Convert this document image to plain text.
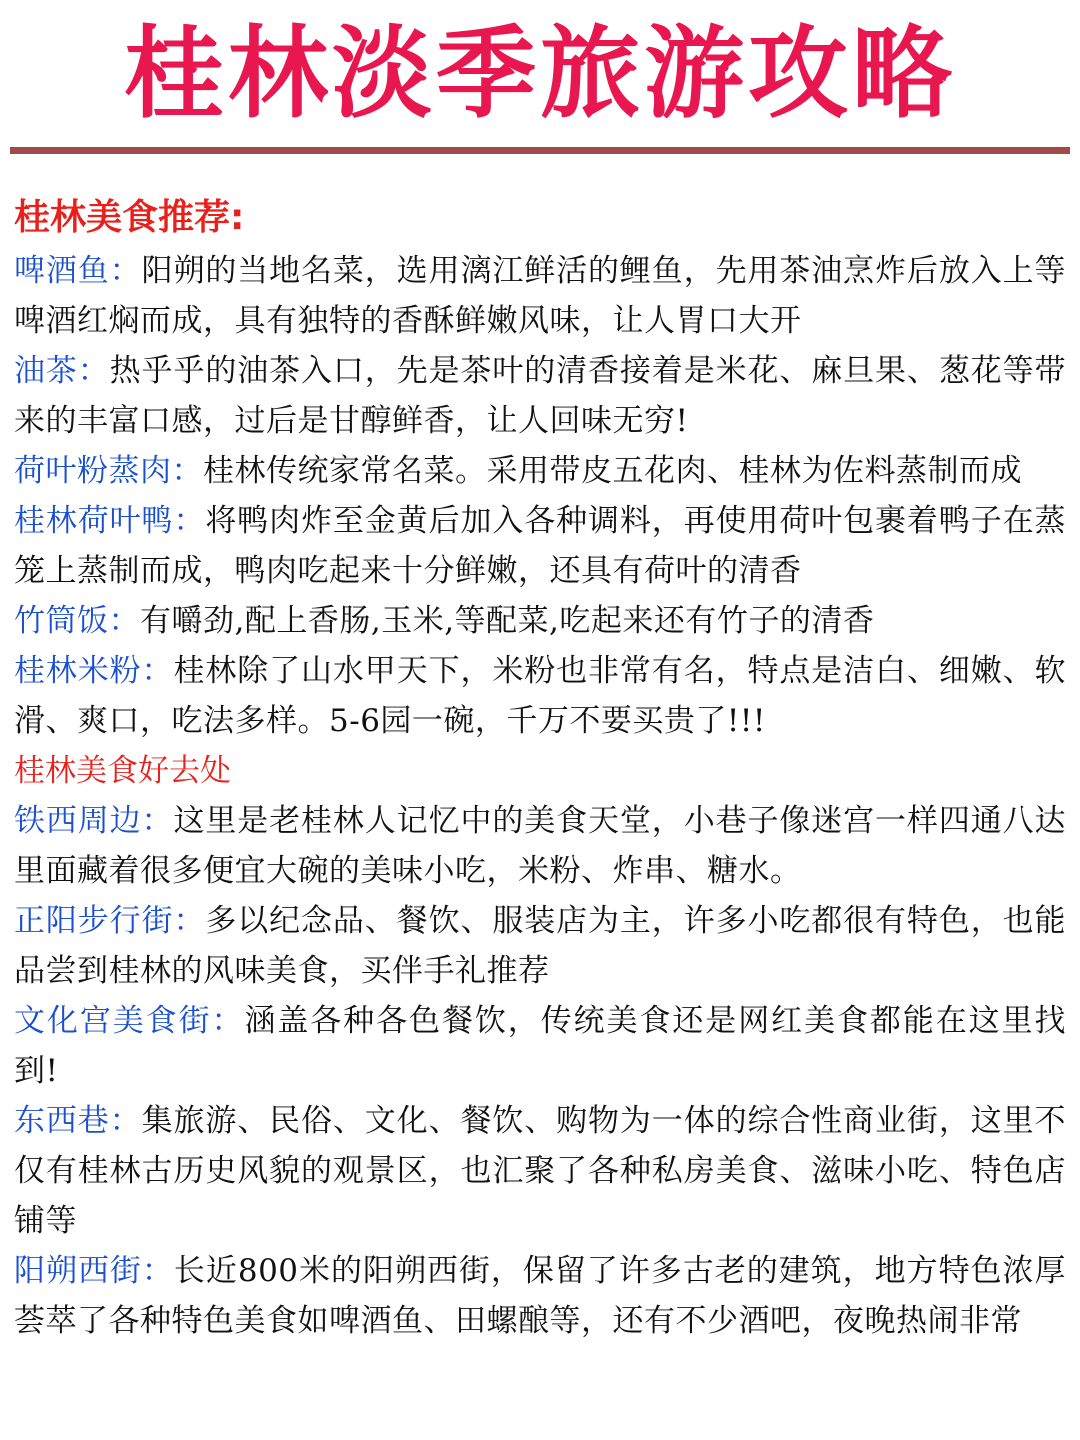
桂林淡季旅游攻略
桂林美食推荐:
啤酒鱼：阳朔的当地名菜，选用漓江鲜活的鲤鱼，先用茶油烹炸后放入上等啤酒红焖而成，具有独特的香酥鲜嫩风味，让人胃口大开
油茶：热乎乎的油茶入口，先是茶叶的清香接着是米花、麻旦果、葱花等带来的丰富口感，过后是甘醇鲜香，让人回味无穷!
荷叶粉蒸肉：桂林传统家常名菜。采用带皮五花肉、桂林为佐料蒸制而成
桂林荷叶鸭：将鸭肉炸至金黄后加入各种调料，再使用荷叶包裹着鸭子在蒸笼上蒸制而成，鸭肉吃起来十分鲜嫩，还具有荷叶的清香
竹筒饭：有嚼劲,配上香肠,玉米,等配菜,吃起来还有竹子的清香
桂林米粉：桂林除了山水甲天下，米粉也非常有名，特点是洁白、细嫩、软滑、爽口，吃法多样。5-6园一碗，千万不要买贵了!!!
桂林美食好去处
铁西周边：这里是老桂林人记忆中的美食天堂，小巷子像迷宫一样四通八达里面藏着很多便宜大碗的美味小吃，米粉、炸串、糖水。
正阳步行街：多以纪念品、餐饮、服装店为主，许多小吃都很有特色，也能品尝到桂林的风味美食，买伴手礼推荐
文化宫美食街：涵盖各种各色餐饮，传统美食还是网红美食都能在这里找到!
东西巷：集旅游、民俗、文化、餐饮、购物为一体的综合性商业街，这里不仅有桂林古历史风貌的观景区，也汇聚了各种私房美食、滋味小吃、特色店铺等
阳朔西街：长近800米的阳朔西街，保留了许多古老的建筑，地方特色浓厚荟萃了各种特色美食如啤酒鱼、田螺酿等，还有不少酒吧，夜晚热闹非常
